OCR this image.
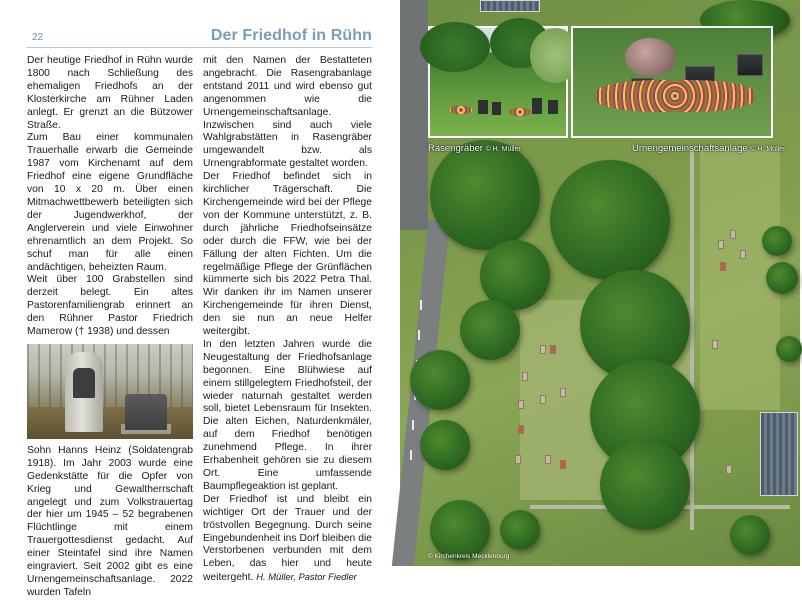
22	Der Friedhof in Rühn

Der heutige Friedhof in Rühn wurde 1800 nach Schließung des ehemaligen Friedhofs an der Klosterkirche am Rühner Laden anlegt. Er grenzt an die Bützower Straße.

Zum Bau einer kommunalen Trauerhalle erwarb die Gemeinde 1987 vom Kirchenamt auf dem Friedhof eine eigene Grundfläche von 10 x 20 m. Über einen Mitmachwettbewerb beteiligten sich der Jugendwerkhof, der Anglerverein und viele Einwohner ehrenamtlich an dem Projekt. So schuf man für alle einen andächtigen, beheizten Raum.

Weit über 100 Grabstellen sind derzeit belegt. Ein altes Pastorenfamiliengrab erinnert an den Rühner Pastor Friedrich Mamerow († 1938) und dessen

Sohn Hanns Heinz (Soldatengrab 1918). Im Jahr 2003 wurde eine Gedenkstätte für die Opfer von Krieg und Gewaltherrschaft angelegt und zum Volkstrauertag der hier um 1945 – 52 begrabenen Flüchtlinge mit einem Trauergottesdienst gedacht. Auf einer Steintafel sind ihre Namen eingraviert. Seit 2002 gibt es eine Urnengemeinschaftsanlage. 2022 wurden Tafeln

mit den Namen der Bestatteten angebracht. Die Rasengrabanlage entstand 2011 und wird ebenso gut angenommen wie die Urnengemeinschaftsanlage. Inzwischen sind auch viele Wahlgrabstätten in Rasengräber umgewandelt bzw. als Urnengrabformate gestaltet worden.

Der Friedhof befindet sich in kirchlicher Trägerschaft. Die Kirchengemeinde wird bei der Pflege von der Kommune unterstützt, z. B. durch jährliche Friedhofseinsätze oder durch die FFW, wie bei der Fällung der alten Fichten. Um die regelmäßige Pflege der Grünflächen kümmerte sich bis 2022 Petra Thal. Wir danken ihr im Namen unserer Kirchengemeinde für ihren Dienst, den sie nun an neue Helfer weitergibt.

In den letzten Jahren wurde die Neugestaltung der Friedhofsanlage begonnen. Eine Blühwiese auf einem stillgelegtem Friedhofsteil, der wieder naturnah gestaltet werden soll, bietet Lebensraum für Insekten. Die alten Eichen, Naturdenkmäler, auf dem Friedhof benötigen zunehmend Pflege. In ihrer Erhabenheit gehören sie zu diesem Ort. Eine umfassende Baumpflegeaktion ist geplant.

Der Friedhof ist und bleibt ein wichtiger Ort der Trauer und der tröstvollen Begegnung. Durch seine Eingebundenheit ins Dorf bleiben die Verstorbenen verbunden mit dem Leben, das hier und heute weitergeht. H. Müller, Pastor Fiedler

Rasengräber © H. Müller	Urnengemeinschaftsanlage © H. Müller
© Kirchenkreis Mecklenburg
